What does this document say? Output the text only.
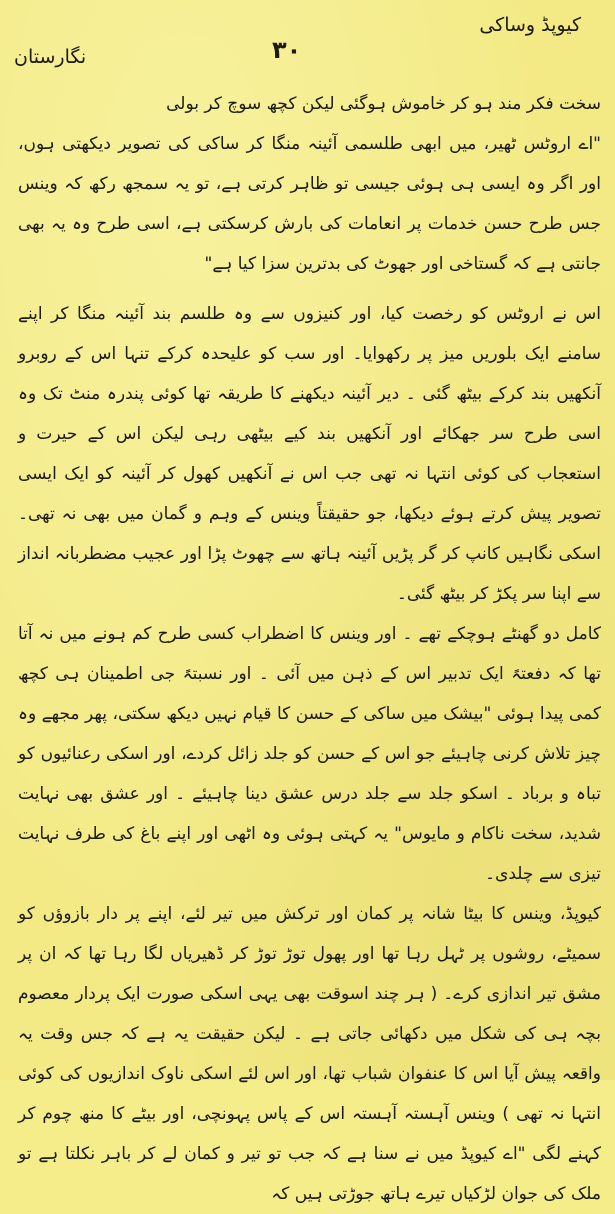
کیوپڈ وساکی
۳۰
نگارستان

سخت فکر مند ہو کر خاموش ہوگئی لیکن کچھ سوچ کر بولی

"اے اروٹس ٹھیر، میں ابھی طلسمی آئینہ منگا کر ساکی کی تصویر دیکھتی ہوں، اور اگر وہ ایسی ہی ہوئی جیسی تو ظاہر کرتی ہے، تو یہ سمجھ رکھ کہ وینس جس طرح حسن خدمات پر انعامات کی بارش کرسکتی ہے، اسی طرح وہ یہ بھی جانتی ہے کہ گستاخی اور جھوٹ کی بدترین سزا کیا ہے"

اس نے اروٹس کو رخصت کیا، اور کنیزوں سے وہ طلسم بند آئینہ منگا کر اپنے سامنے ایک بلوریں میز پر رکھوایا۔ اور سب کو علیحدہ کرکے تنہا اس کے روبرو آنکھیں بند کرکے بیٹھ گئی ۔ دیر آئینہ دیکھنے کا طریقہ تھا کوئی پندرہ منٹ تک وہ اسی طرح سر جھکائے اور آنکھیں بند کیے بیٹھی رہی لیکن اس کے حیرت و استعجاب کی کوئی انتہا نہ تھی جب اس نے آنکھیں کھول کر آئینہ کو ایک ایسی تصویر پیش کرتے ہوئے دیکھا، جو حقیقتاً وینس کے وہم و گمان میں بھی نہ تھی۔ اسکی نگاہیں کانپ کر گر پڑیں آئینہ ہاتھ سے چھوٹ پڑا اور عجیب مضطربانہ انداز سے اپنا سر پکڑ کر بیٹھ گئی۔

کامل دو گھنٹے ہوچکے تھے ۔ اور وینس کا اضطراب کسی طرح کم ہونے میں نہ آتا تھا کہ دفعتہً ایک تدبیر اس کے ذہن میں آئی ۔ اور نسبتہً جی اطمینان ہی کچھ کمی پیدا ہوئی "بیشک میں ساکی کے حسن کا قیام نہیں دیکھ سکتی، پھر مجھے وہ چیز تلاش کرنی چاہیئے جو اس کے حسن کو جلد زائل کردے، اور اسکی رعنائیوں کو تباہ و برباد ۔ اسکو جلد سے جلد درس عشق دینا چاہیئے ۔ اور عشق بھی نہایت شدید، سخت ناکام و مایوس" یہ کہتی ہوئی وہ اٹھی اور اپنے باغ کی طرف نہایت تیزی سے چلدی۔

کیوپڈ، وینس کا بیٹا شانہ پر کمان اور ترکش میں تیر لئے، اپنے پر دار بازوؤں کو سمیٹے، روشوں پر ٹہل رہا تھا اور پھول توڑ توڑ کر ڈھیریاں لگا رہا تھا کہ ان پر مشق تیر اندازی کرے۔ ( ہر چند اسوقت بھی یہی اسکی صورت ایک پردار معصوم بچہ ہی کی شکل میں دکھائی جاتی ہے ۔ لیکن حقیقت یہ ہے کہ جس وقت یہ واقعہ پیش آیا اس کا عنفوان شباب تھا، اور اس لئے اسکی ناوک اندازیوں کی کوئی انتہا نہ تھی ) وینس آہستہ آہستہ اس کے پاس پہونچی، اور بیٹے کا منھ چوم کر کہنے لگی "اے کیوپڈ میں نے سنا ہے کہ جب تو تیر و کمان لے کر باہر نکلتا ہے تو ملک کی جوان لڑکیاں تیرے ہاتھ جوڑتی ہیں کہ
